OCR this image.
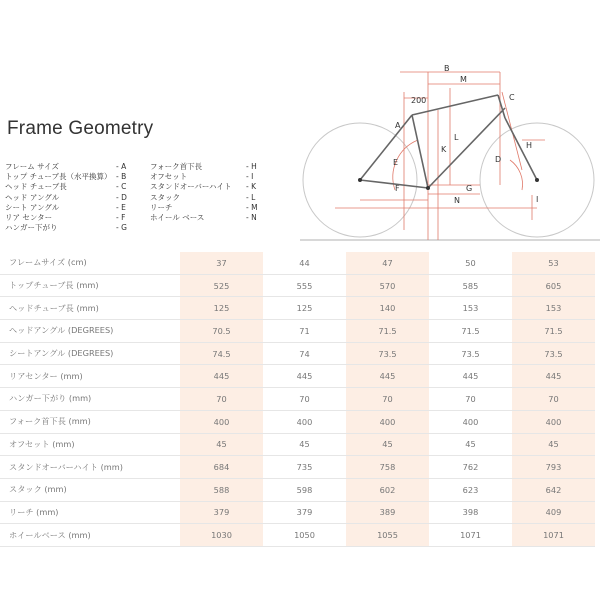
Frame Geometry
フレーム サイズ	- A
トップ チューブ長（水平換算） - B
ヘッド チューブ長	- C
ヘッド アングル	- D
シート アングル	- E
リア センター	- F
ハンガー下がり	- G
フォーク首下長	- H
オフセット	- I
スタンドオーバーハイト	- K
スタック	- L
リーチ	- M
ホイール ベース	- N
B
M
200	C
A
L
K
E	D
H
F	G
N	I
フレームサイズ (cm)	37	44	47	50	53
トップチューブ長 (mm)	525	555	570	585	605
ヘッドチューブ長 (mm)	125	125	140	153	153
ヘッドアングル (DEGREES)	70.5	71	71.5	71.5	71.5
シートアングル (DEGREES)	74.5	74	73.5	73.5	73.5
リアセンター (mm)	445	445	445	445	445
ハンガー下がり (mm)	70	70	70	70	70
フォーク首下長 (mm)	400	400	400	400	400
オフセット (mm)	45	45	45	45	45
スタンドオーバーハイト (mm)	684	735	758	762	793
スタック (mm)	588	598	602	623	642
リーチ (mm)	379	379	389	398	409
ホイールベース (mm)	1030	1050	1055	1071	1071
